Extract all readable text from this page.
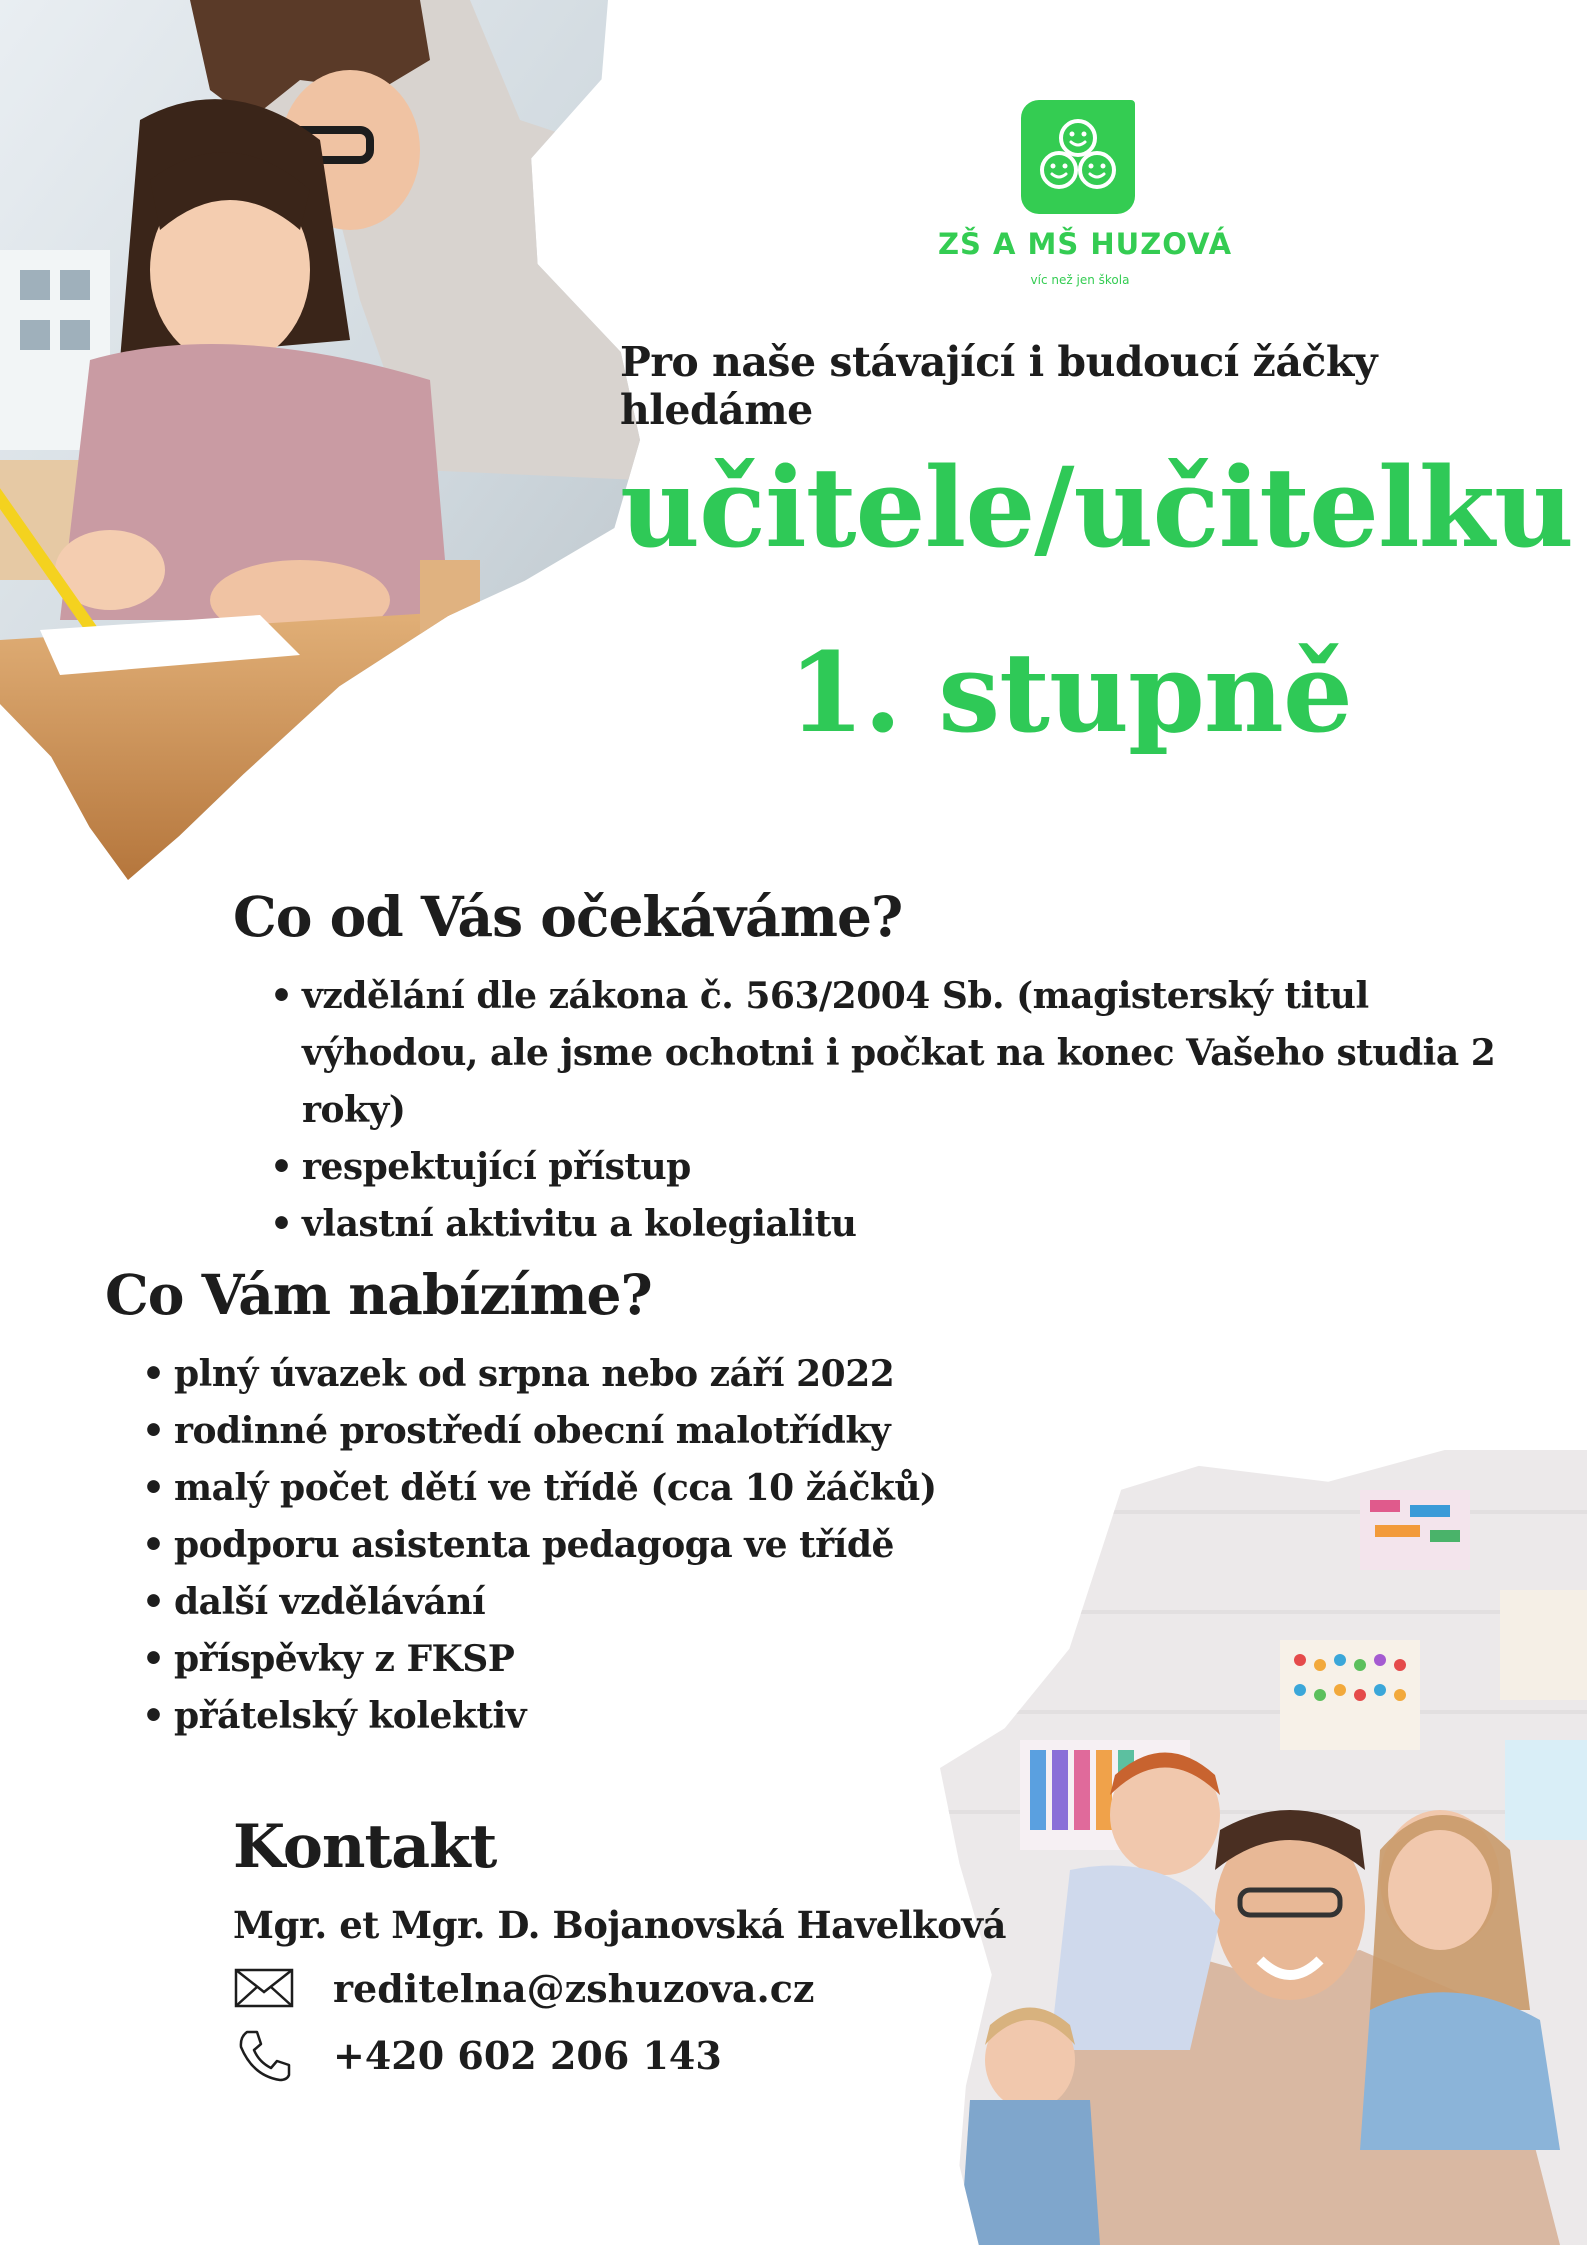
ZŠ A MŠ HUZOVÁ
víc než jen škola
Pro naše stávající i budoucí žáčky hledáme
učitele/učitelku
1. stupně
Co od Vás očekáváme?
• vzdělání dle zákona č. 563/2004 Sb. (magisterský titul
výhodou, ale jsme ochotni i počkat na konec Vašeho studia 2 roky)
• respektující přístup
• vlastní aktivitu a kolegialitu
Co Vám nabízíme?
• plný úvazek od srpna nebo září 2022
• rodinné prostředí obecní malotřídky
• malý počet dětí ve třídě (cca 10 žáčků)
• podporu asistenta pedagoga ve třídě
• další vzdělávání
• příspěvky z FKSP
• přátelský kolektiv
Kontakt
Mgr. et Mgr. D. Bojanovská Havelková
reditelna@zshuzova.cz
+420 602 206 143
